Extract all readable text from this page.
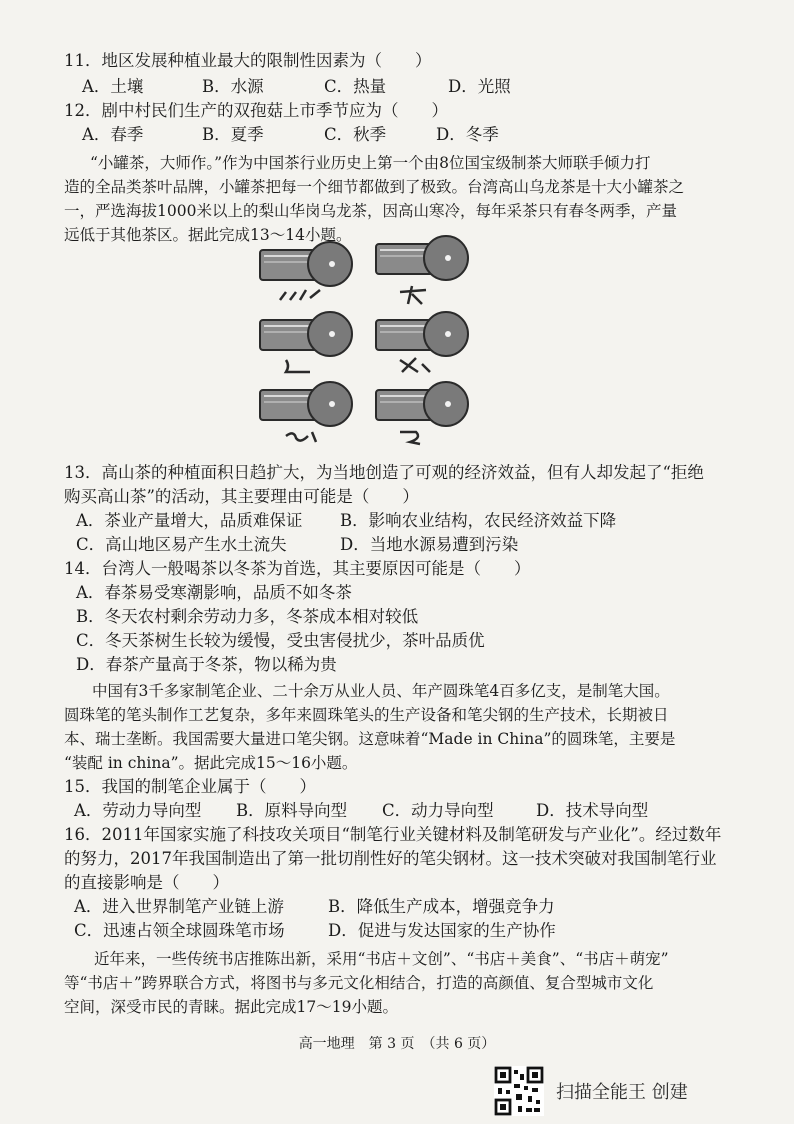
11．地区发展种植业最大的限制性因素为（　　）
A．土壤	B．水源	C．热量	D．光照
12．剧中村民们生产的双孢菇上市季节应为（　　）
A．春季	B．夏季	C．秋季	D．冬季
“小罐茶，大师作。”作为中国茶行业历史上第一个由8位国宝级制茶大师联手倾力打
造的全品类茶叶品牌，小罐茶把每一个细节都做到了极致。台湾高山乌龙茶是十大小罐茶之
一，严选海拔1000米以上的梨山华岗乌龙茶，因高山寒冷，每年采茶只有春冬两季，产量
远低于其他茶区。据此完成13～14小题。
13．高山茶的种植面积日趋扩大，为当地创造了可观的经济效益，但有人却发起了“拒绝
购买高山茶”的活动，其主要理由可能是（　　）
A．茶业产量增大，品质难保证 B．影响农业结构，农民经济效益下降
C．高山地区易产生水土流失	D．当地水源易遭到污染
14．台湾人一般喝茶以冬茶为首选，其主要原因可能是（　　）
A．春茶易受寒潮影响，品质不如冬茶
B．冬天农村剩余劳动力多，冬茶成本相对较低
C．冬天茶树生长较为缓慢，受虫害侵扰少，茶叶品质优
D．春茶产量高于冬茶，物以稀为贵
中国有3千多家制笔企业、二十余万从业人员、年产圆珠笔4百多亿支，是制笔大国。
圆珠笔的笔头制作工艺复杂，多年来圆珠笔头的生产设备和笔尖钢的生产技术，长期被日
本、瑞士垄断。我国需要大量进口笔尖钢。这意味着“Made in China”的圆珠笔，主要是
“装配 in china”。据此完成15～16小题。
15．我国的制笔企业属于（　　）
A．劳动力导向型 B．原料导向型 C．动力导向型	D．技术导向型
16．2011年国家实施了科技攻关项目“制笔行业关键材料及制笔研发与产业化”。经过数年
的努力，2017年我国制造出了第一批切削性好的笔尖钢材。这一技术突破对我国制笔行业
的直接影响是（　　）
A．进入世界制笔产业链上游	B．降低生产成本，增强竞争力
C．迅速占领全球圆珠笔市场	D．促进与发达国家的生产协作
近年来，一些传统书店推陈出新，采用“书店＋文创”、“书店＋美食”、“书店＋萌宠”
等“书店＋”跨界联合方式，将图书与多元文化相结合，打造的高颜值、复合型城市文化
空间，深受市民的青睐。据此完成17～19小题。
高一地理　第 3 页　（共 6 页）
扫描全能王 创建
